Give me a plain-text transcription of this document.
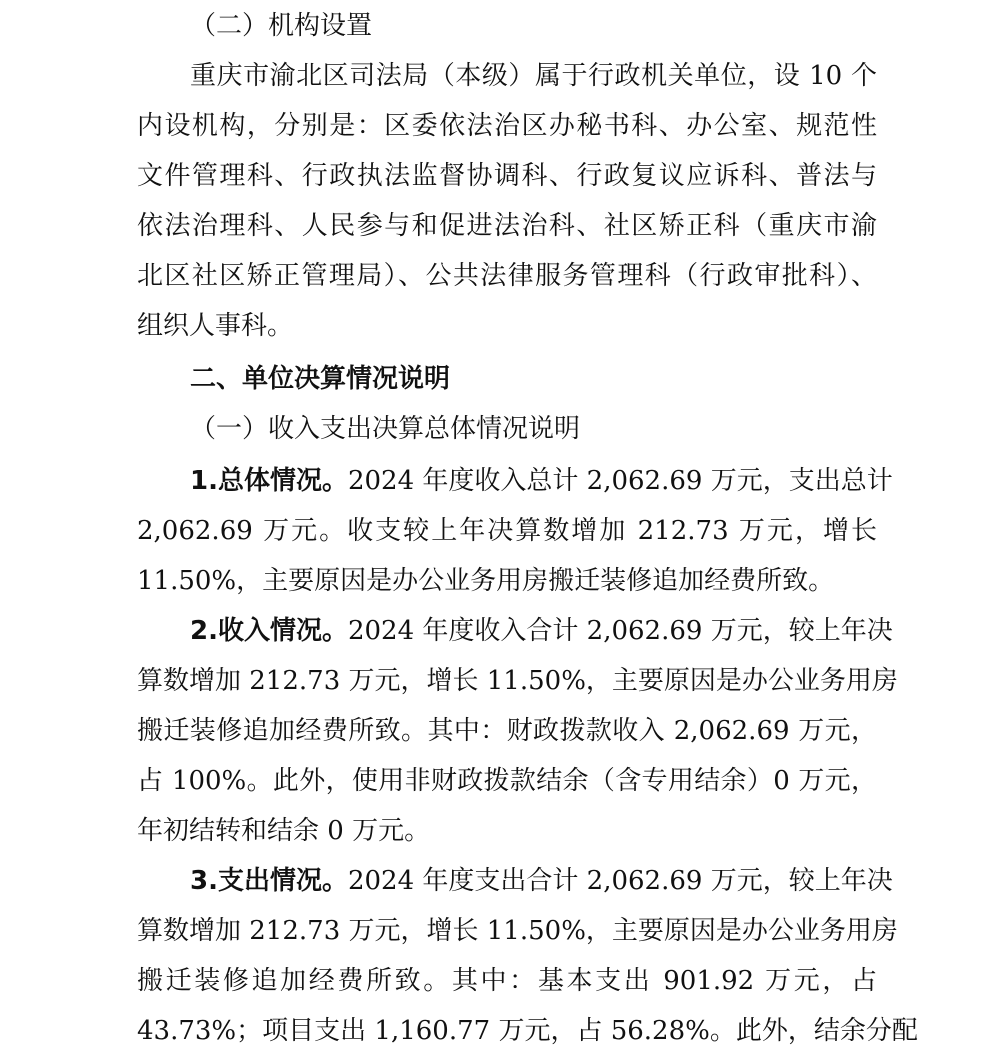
（二）机构设置
重庆市渝北区司法局（本级）属于行政机关单位，设 10 个
内设机构，分别是：区委依法治区办秘书科、办公室、规范性
文件管理科、行政执法监督协调科、行政复议应诉科、普法与
依法治理科、人民参与和促进法治科、社区矫正科（重庆市渝
北区社区矫正管理局）、公共法律服务管理科（行政审批科）、
组织人事科。
二、单位决算情况说明
（一）收入支出决算总体情况说明
1.总体情况。2024 年度收入总计 2,062.69 万元，支出总计
2,062.69 万元。收支较上年决算数增加 212.73 万元，增长
11.50%，主要原因是办公业务用房搬迁装修追加经费所致。
2.收入情况。2024 年度收入合计 2,062.69 万元，较上年决
算数增加 212.73 万元，增长 11.50%，主要原因是办公业务用房
搬迁装修追加经费所致。其中：财政拨款收入 2,062.69 万元，
占 100%。此外，使用非财政拨款结余（含专用结余）0 万元，
年初结转和结余 0 万元。
3.支出情况。2024 年度支出合计 2,062.69 万元，较上年决
算数增加 212.73 万元，增长 11.50%，主要原因是办公业务用房
搬迁装修追加经费所致。其中：基本支出 901.92 万元，占
43.73%；项目支出 1,160.77 万元，占 56.28%。此外，结余分配
